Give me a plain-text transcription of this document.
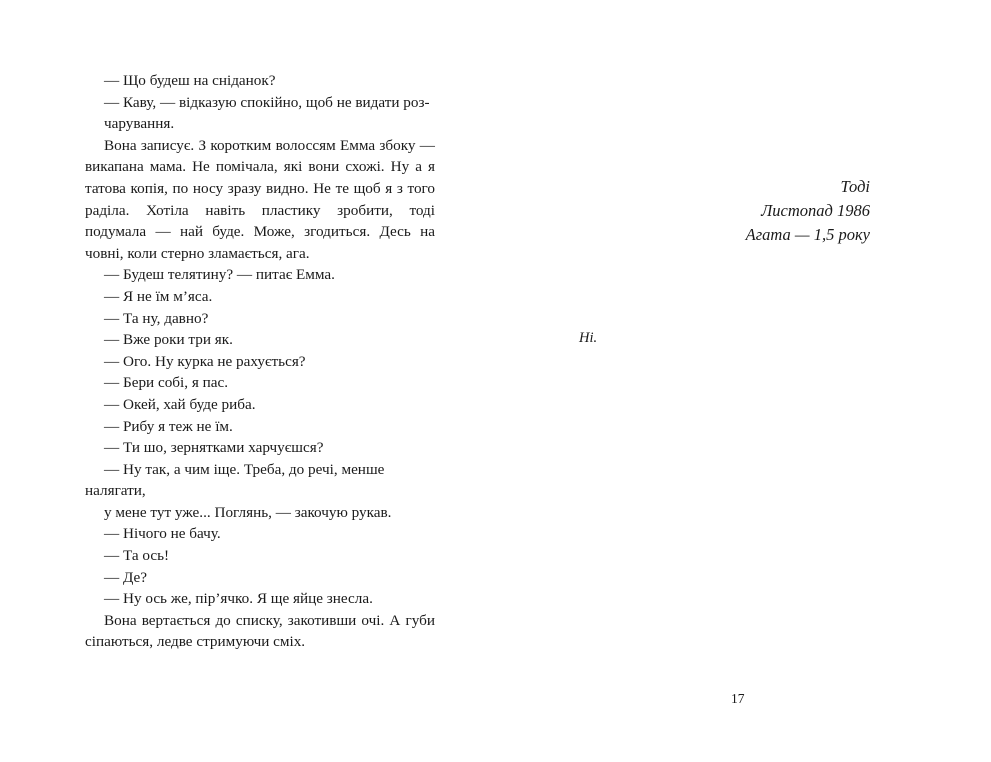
— Що будеш на сніданок?

— Каву, — відказую спокійно, щоб не видати роз-

чарування.

Вона записує. З коротким волоссям Емма збоку — викапана мама. Не помічала, які вони схожі. Ну а я татова копія, по носу зразу видно. Не те щоб я з того раділа. Хотіла навіть пластику зробити, тоді подумала — най буде. Може, згодиться. Десь на човні, коли стерно зламається, ага.

— Будеш телятину? — питає Емма.

— Я не їм м’яса.

— Та ну, давно?

— Вже роки три як.

— Ого. Ну курка не рахується?

— Бери собі, я пас.

— Окей, хай буде риба.

— Рибу я теж не їм.

— Ти шо, зернятками харчуєшся?

— Ну так, а чим іще. Треба, до речі, менше налягати,

у мене тут уже... Поглянь, — закочую рукав.

— Нічого не бачу.

— Та ось!

— Де?

— Ну ось же, пір’ячко. Я ще яйце знесла.

Вона вертається до списку, закотивши очі. А губи сіпаються, ледве стримуючи сміх.

Тоді
Листопад 1986
Агата — 1,5 року

Ні.

17
